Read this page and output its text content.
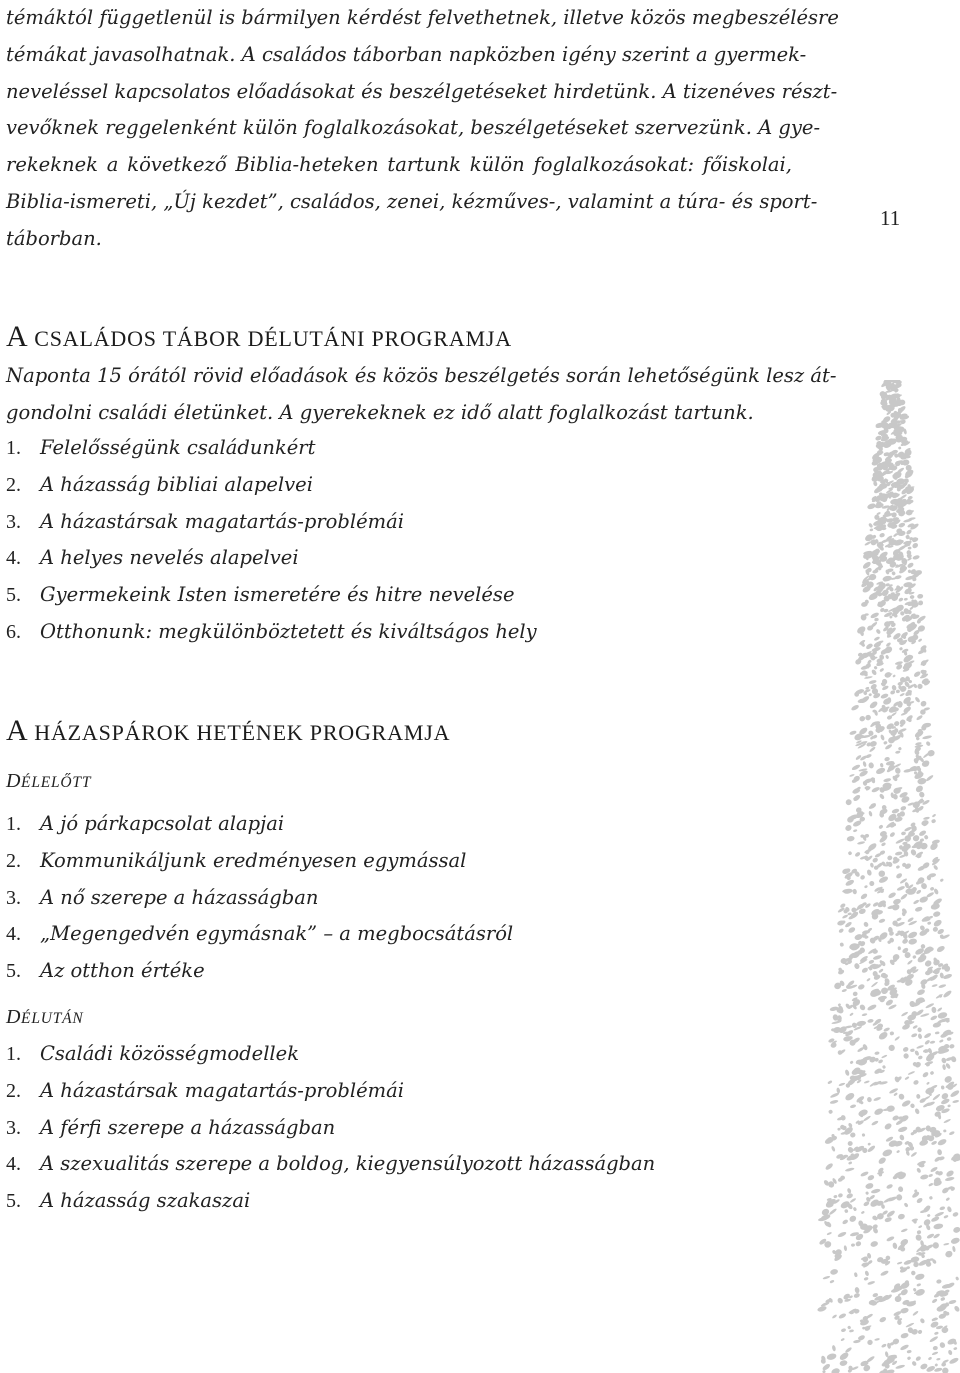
témáktól függetlenül is bármilyen kérdést felvethetnek, illetve közös megbeszélésre
témákat javasolhatnak. A családos táborban napközben igény szerint a gyermek-
neveléssel kapcsolatos előadásokat és beszélgetéseket hirdetünk. A tizenéves részt-
vevőknek reggelenként külön foglalkozásokat, beszélgetéseket szervezünk. A gye-
rekeknek a következő Biblia-heteken tartunk külön foglalkozásokat: főiskolai,
Biblia-ismereti, „Új kezdet”, családos, zenei, kézműves-, valamint a túra- és sport-
táborban.
11
A CSALÁDOS TÁBOR DÉLUTÁNI PROGRAMJA
Naponta 15 órától rövid előadások és közös beszélgetés során lehetőségünk lesz át-
gondolni családi életünket. A gyerekeknek ez idő alatt foglalkozást tartunk.
1. Felelősségünk családunkért
2. A házasság bibliai alapelvei
3. A házastársak magatartás-problémái
4. A helyes nevelés alapelvei
5. Gyermekeink Isten ismeretére és hitre nevelése
6. Otthonunk: megkülönböztetett és kiváltságos hely
A HÁZASPÁROK HETÉNEK PROGRAMJA
DÉLELŐTT
1. A jó párkapcsolat alapjai
2. Kommunikáljunk eredményesen egymással
3. A nő szerepe a házasságban
4. „Megengedvén egymásnak” – a megbocsátásról
5. Az otthon értéke
DÉLUTÁN
1. Családi közösségmodellek
2. A házastársak magatartás-problémái
3. A férfi szerepe a házasságban
4. A szexualitás szerepe a boldog, kiegyensúlyozott házasságban
5. A házasság szakaszai
